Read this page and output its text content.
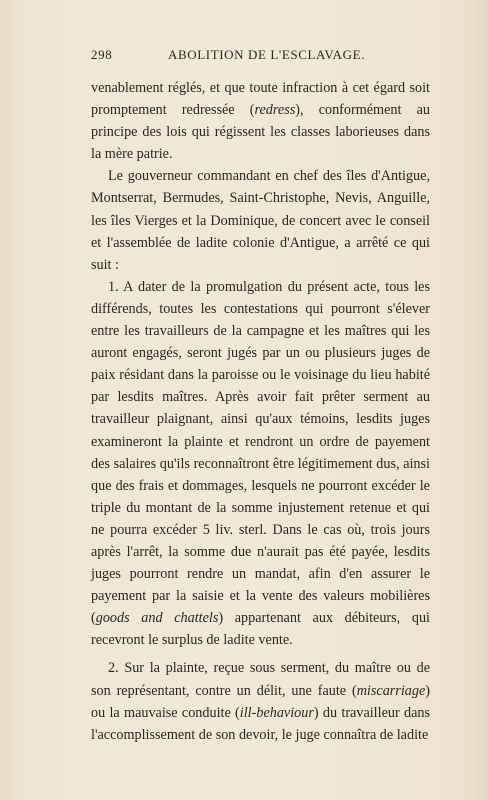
298	ABOLITION DE L'ESCLAVAGE.

venablement réglés, et que toute infraction à cet égard soit promptement redressée (redress), conformément au principe des lois qui régissent les classes laborieuses dans la mère patrie.

Le gouverneur commandant en chef des îles d'Antigue, Montserrat, Bermudes, Saint-Christophe, Nevis, Anguille, les îles Vierges et la Dominique, de concert avec le conseil et l'assemblée de ladite colonie d'Antigue, a arrêté ce qui suit :

1. A dater de la promulgation du présent acte, tous les différends, toutes les contestations qui pourront s'élever entre les travailleurs de la campagne et les maîtres qui les auront engagés, seront jugés par un ou plusieurs juges de paix résidant dans la paroisse ou le voisinage du lieu habité par lesdits maîtres. Après avoir fait prêter serment au travailleur plaignant, ainsi qu'aux témoins, lesdits juges examineront la plainte et rendront un ordre de payement des salaires qu'ils reconnaîtront être légitimement dus, ainsi que des frais et dommages, lesquels ne pourront excéder le triple du montant de la somme injustement retenue et qui ne pourra excéder 5 liv. sterl. Dans le cas où, trois jours après l'arrêt, la somme due n'aurait pas été payée, lesdits juges pourront rendre un mandat, afin d'en assurer le payement par la saisie et la vente des valeurs mobilières (goods and chattels) appartenant aux débiteurs, qui recevront le surplus de ladite vente.

2. Sur la plainte, reçue sous serment, du maître ou de son représentant, contre un délit, une faute (miscarriage) ou la mauvaise conduite (ill-behaviour) du travailleur dans l'accomplissement de son devoir, le juge connaîtra de ladite
